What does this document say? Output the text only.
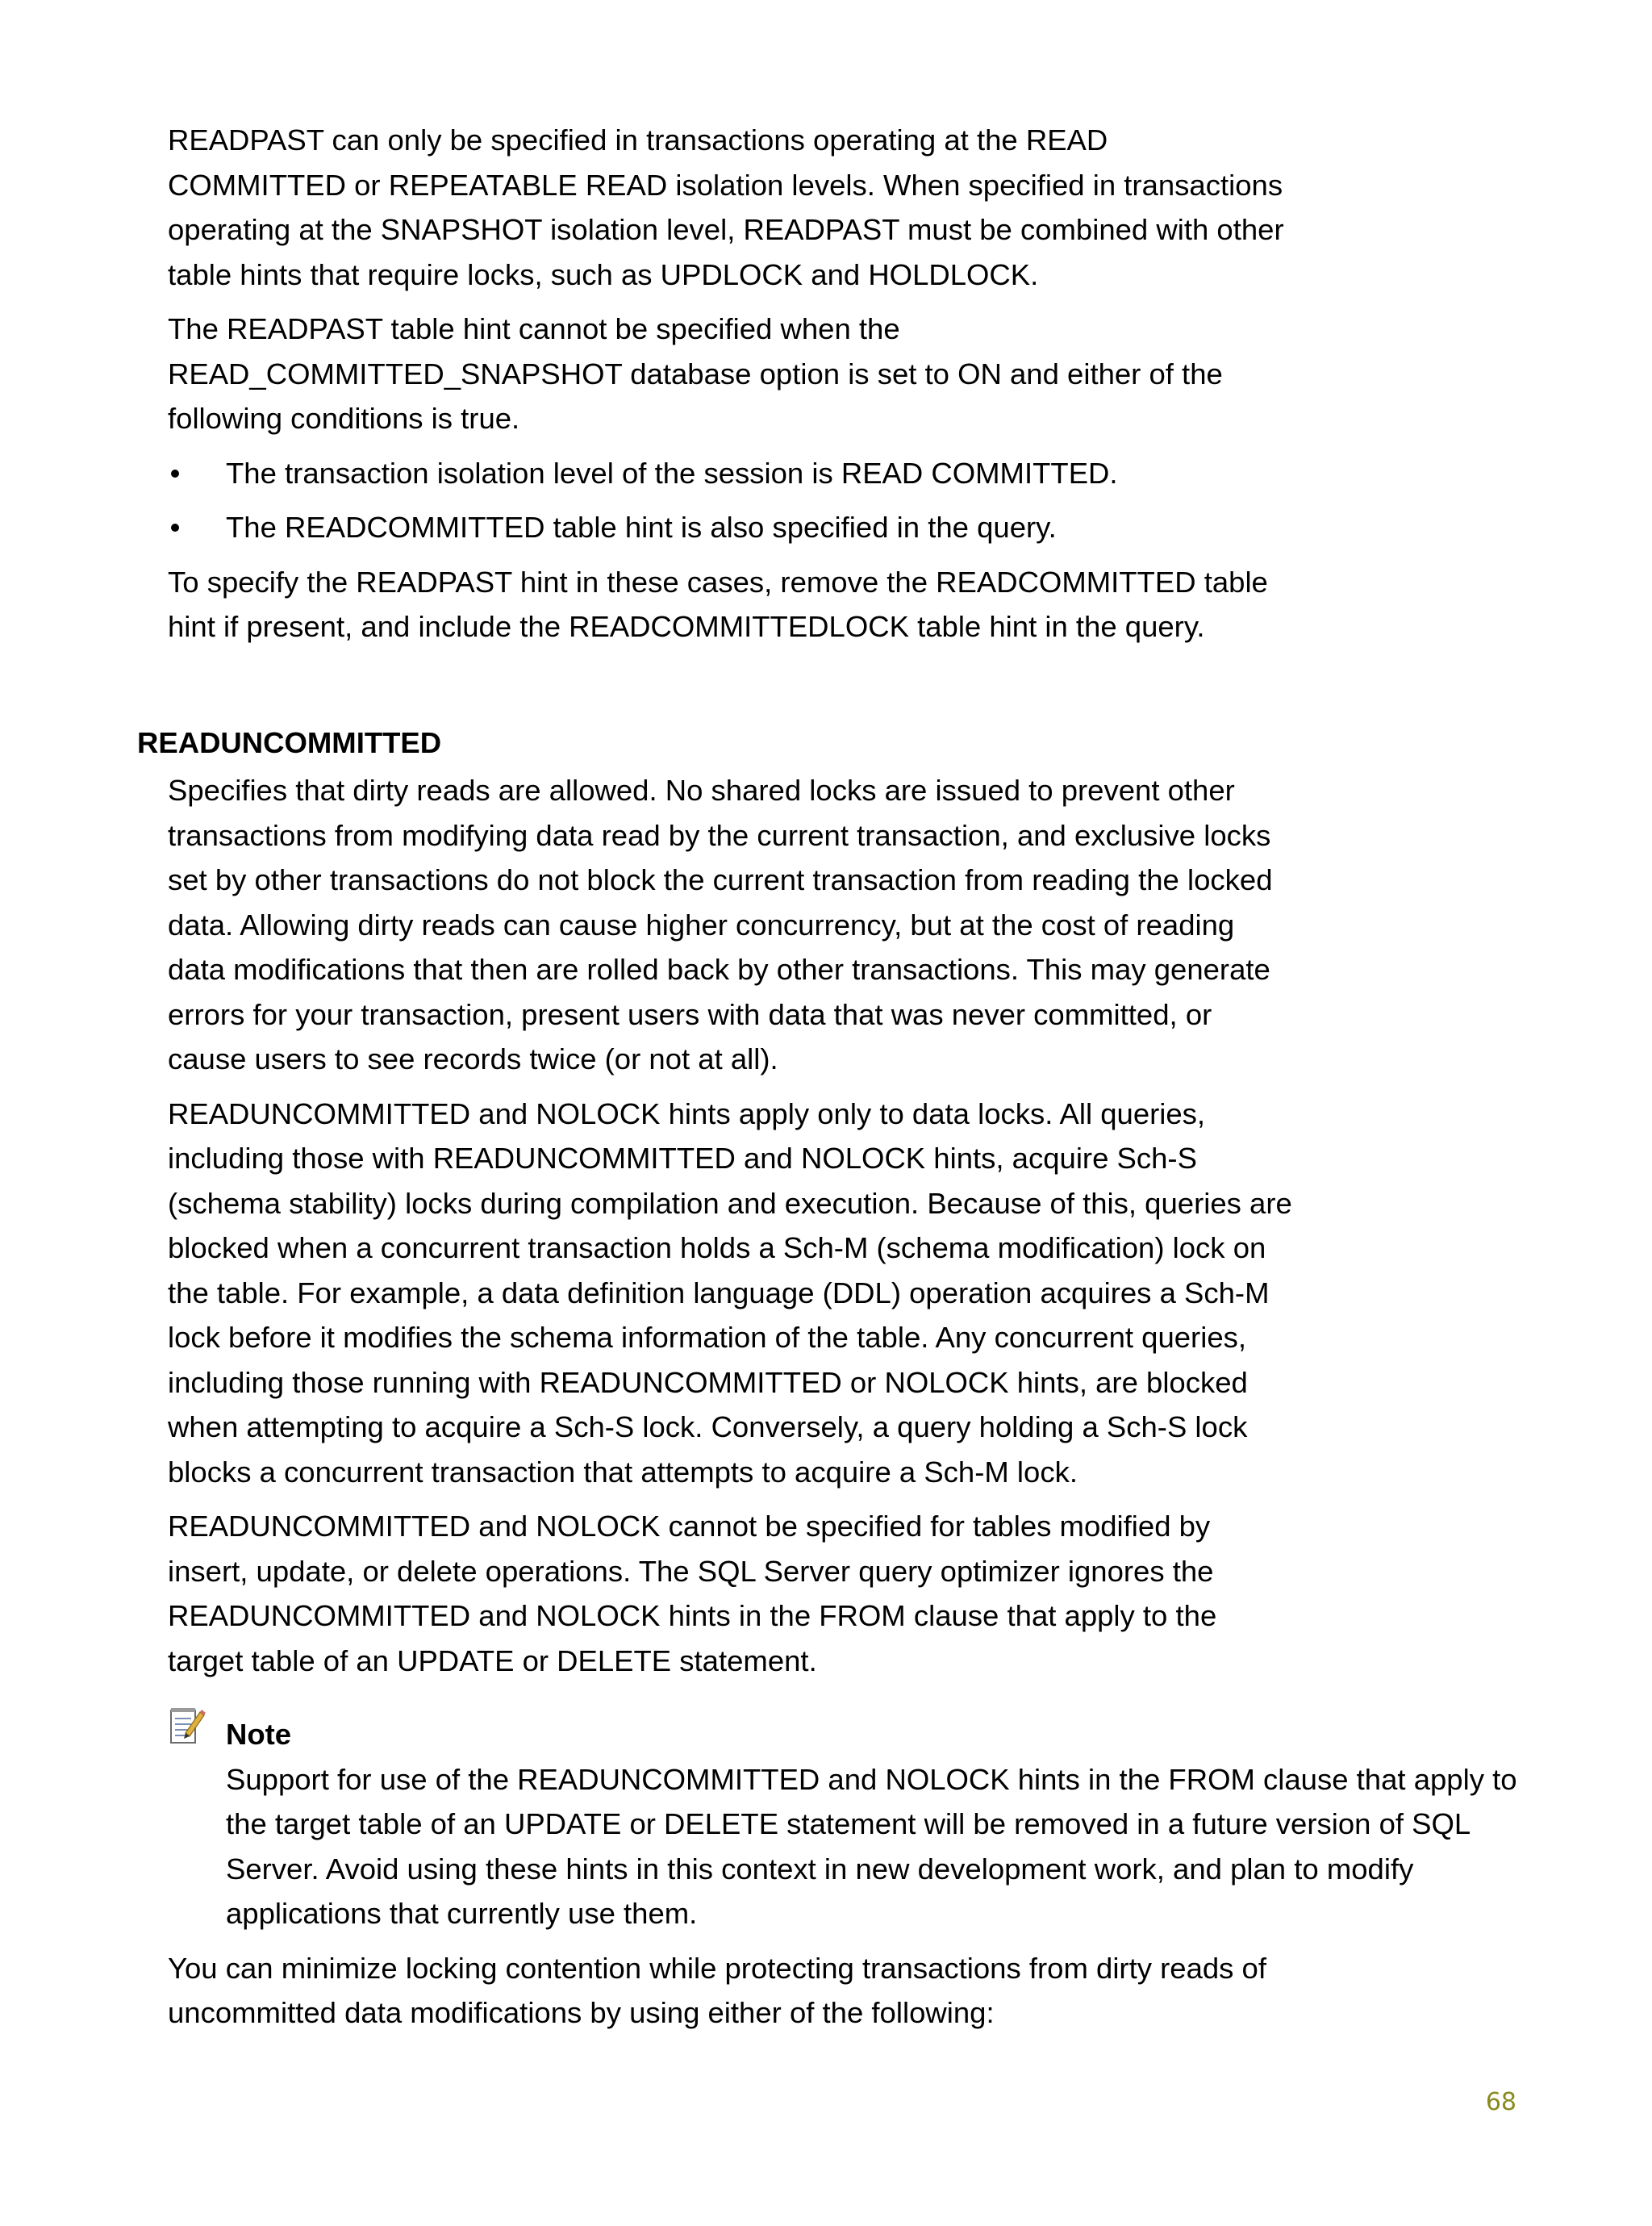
READPAST can only be specified in transactions operating at the READ COMMITTED or REPEATABLE READ isolation levels. When specified in transactions operating at the SNAPSHOT isolation level, READPAST must be combined with other table hints that require locks, such as UPDLOCK and HOLDLOCK.
The READPAST table hint cannot be specified when the READ_COMMITTED_SNAPSHOT database option is set to ON and either of the following conditions is true.
The transaction isolation level of the session is READ COMMITTED.
The READCOMMITTED table hint is also specified in the query.
To specify the READPAST hint in these cases, remove the READCOMMITTED table hint if present, and include the READCOMMITTEDLOCK table hint in the query.
READUNCOMMITTED
Specifies that dirty reads are allowed. No shared locks are issued to prevent other transactions from modifying data read by the current transaction, and exclusive locks set by other transactions do not block the current transaction from reading the locked data. Allowing dirty reads can cause higher concurrency, but at the cost of reading data modifications that then are rolled back by other transactions. This may generate errors for your transaction, present users with data that was never committed, or cause users to see records twice (or not at all).
READUNCOMMITTED and NOLOCK hints apply only to data locks. All queries, including those with READUNCOMMITTED and NOLOCK hints, acquire Sch-S (schema stability) locks during compilation and execution. Because of this, queries are blocked when a concurrent transaction holds a Sch-M (schema modification) lock on the table. For example, a data definition language (DDL) operation acquires a Sch-M lock before it modifies the schema information of the table. Any concurrent queries, including those running with READUNCOMMITTED or NOLOCK hints, are blocked when attempting to acquire a Sch-S lock. Conversely, a query holding a Sch-S lock blocks a concurrent transaction that attempts to acquire a Sch-M lock.
READUNCOMMITTED and NOLOCK cannot be specified for tables modified by insert, update, or delete operations. The SQL Server query optimizer ignores the READUNCOMMITTED and NOLOCK hints in the FROM clause that apply to the target table of an UPDATE or DELETE statement.
Note
Support for use of the READUNCOMMITTED and NOLOCK hints in the FROM clause that apply to the target table of an UPDATE or DELETE statement will be removed in a future version of SQL Server. Avoid using these hints in this context in new development work, and plan to modify applications that currently use them.
You can minimize locking contention while protecting transactions from dirty reads of uncommitted data modifications by using either of the following:
68
